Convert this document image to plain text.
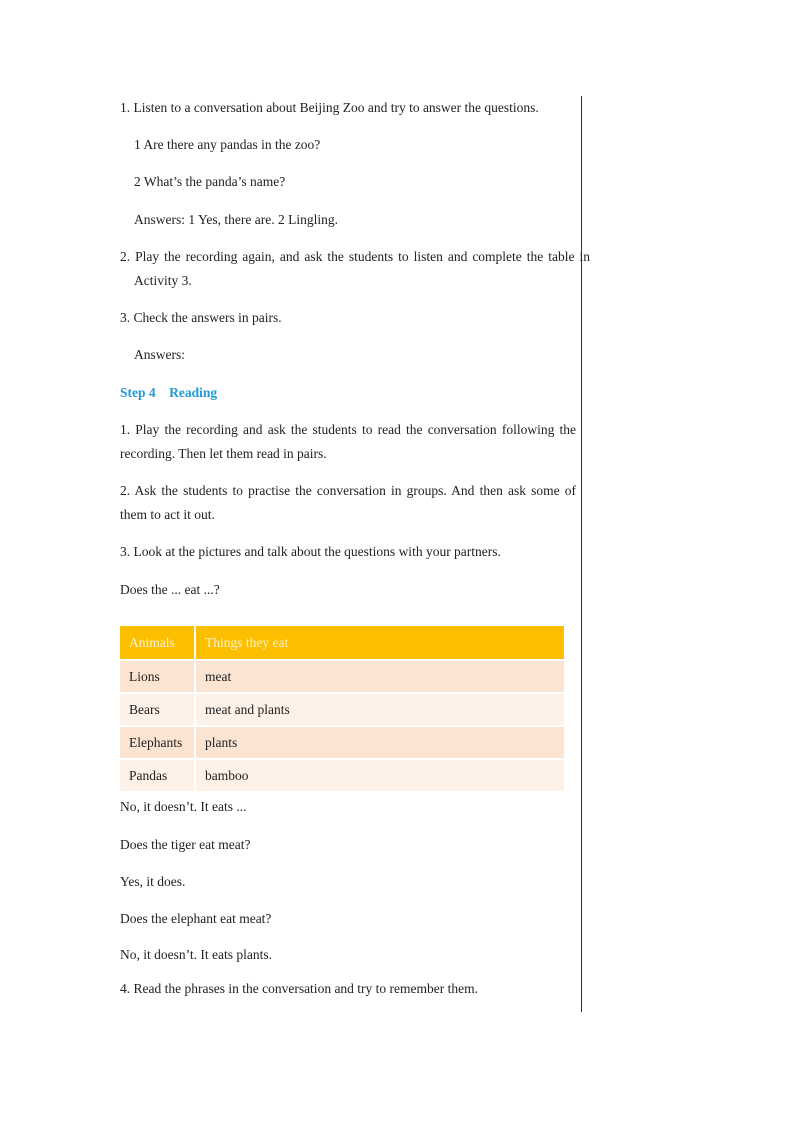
1. Listen to a conversation about Beijing Zoo and try to answer the questions.
1 Are there any pandas in the zoo?
2 What’s the panda’s name?
Answers: 1 Yes, there are. 2 Lingling.
2. Play the recording again, and ask the students to listen and complete the table in Activity 3.
3. Check the answers in pairs.
Answers:
Step 4 Reading
1. Play the recording and ask the students to read the conversation following the recording. Then let them read in pairs.
2. Ask the students to practise the conversation in groups. And then ask some of them to act it out.
3. Look at the pictures and talk about the questions with your partners.
Does the ... eat ...?
Animals	Things they eat
Lions	meat
Bears	meat and plants
Elephants	plants
Pandas	bamboo
No, it doesn’t. It eats ...
Does the tiger eat meat?
Yes, it does.
Does the elephant eat meat?
No, it doesn’t. It eats plants.
4. Read the phrases in the conversation and try to remember them.
